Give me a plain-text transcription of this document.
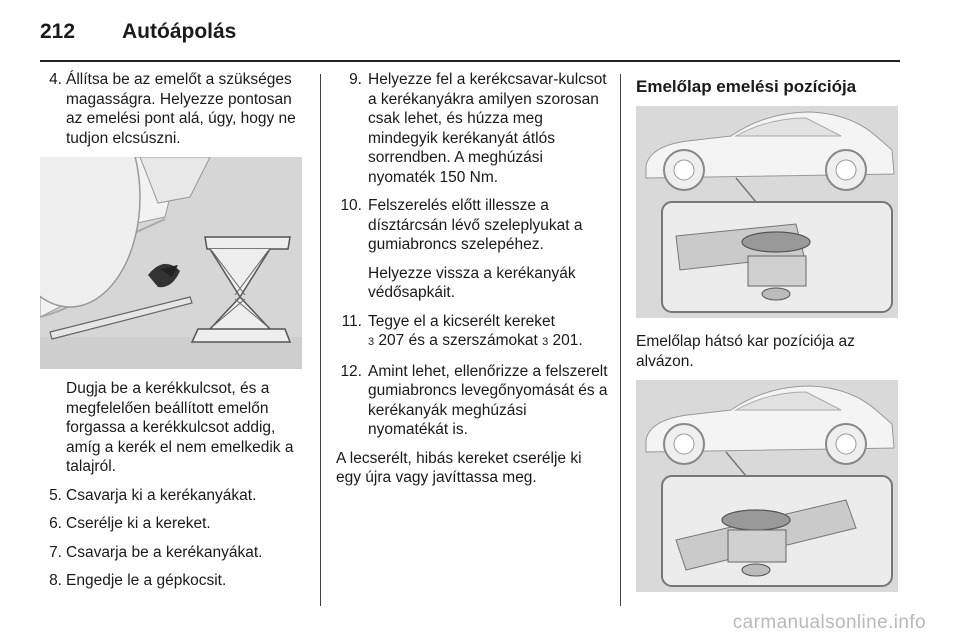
212 Autóápolás
4. Állítsa be az emelőt a szükséges magasságra. Helyezze pontosan az emelési pont alá, úgy, hogy ne tudjon elcsúszni.
Dugja be a kerékkulcsot, és a megfelelően beállított emelőn forgassa a kerékkulcsot addig, amíg a kerék el nem emelkedik a talajról.
5. Csavarja ki a kerékanyákat.
6. Cserélje ki a kereket.
7. Csavarja be a kerékanyákat.
8. Engedje le a gépkocsit.
9. Helyezze fel a kerékcsavar-kulcsot a kerékanyákra amilyen szorosan csak lehet, és húzza meg mindegyik kerékanyát átlós sorrendben. A meghúzási nyomaték 150 Nm.
10. Felszerelés előtt illessze a dísztárcsán lévő szeleplyukat a gumiabroncs szelepéhez.
Helyezze vissza a kerékanyák védősapkáit.
11. Tegye el a kicserélt kereket
3 207 és a szerszámokat 3 201.
12. Amint lehet, ellenőrizze a felszerelt gumiabroncs levegőnyomását és a kerékanyák meghúzási nyomatékát is.
A lecserélt, hibás kereket cserélje ki egy újra vagy javíttassa meg.
Emelőlap emelési pozíciója
Emelőlap hátsó kar pozíciója az alvázon.
carmanualsonline.info
